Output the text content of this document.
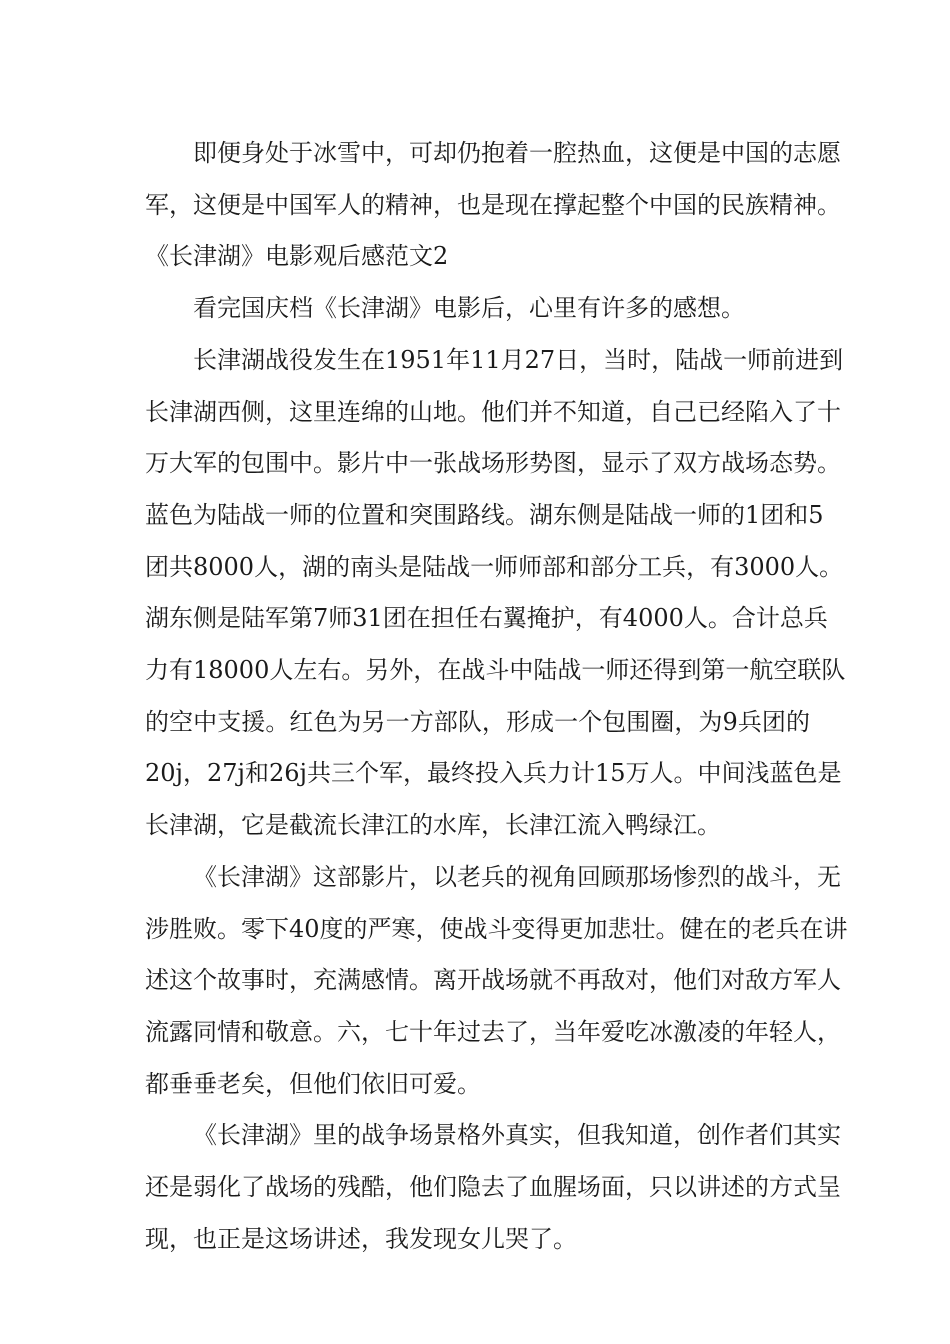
即便身处于冰雪中，可却仍抱着一腔热血，这便是中国的志愿
军，这便是中国军人的精神，也是现在撑起整个中国的民族精神。

《长津湖》电影观后感范文2

看完国庆档《长津湖》电影后，心里有许多的感想。

长津湖战役发生在1951年11月27日，当时，陆战一师前进到
长津湖西侧，这里连绵的山地。他们并不知道，自己已经陷入了十
万大军的包围中。影片中一张战场形势图，显示了双方战场态势。
蓝色为陆战一师的位置和突围路线。湖东侧是陆战一师的1团和5
团共8000人，湖的南头是陆战一师师部和部分工兵，有3000人。
湖东侧是陆军第7师31团在担任右翼掩护，有4000人。合计总兵
力有18000人左右。另外，在战斗中陆战一师还得到第一航空联队
的空中支援。红色为另一方部队，形成一个包围圈，为9兵团的
20j，27j和26j共三个军，最终投入兵力计15万人。中间浅蓝色是
长津湖，它是截流长津江的水库，长津江流入鸭绿江。

《长津湖》这部影片，以老兵的视角回顾那场惨烈的战斗，无
涉胜败。零下40度的严寒，使战斗变得更加悲壮。健在的老兵在讲
述这个故事时，充满感情。离开战场就不再敌对，他们对敌方军人
流露同情和敬意。六，七十年过去了，当年爱吃冰激凌的年轻人，
都垂垂老矣，但他们依旧可爱。

《长津湖》里的战争场景格外真实，但我知道，创作者们其实
还是弱化了战场的残酷，他们隐去了血腥场面，只以讲述的方式呈
现，也正是这场讲述，我发现女儿哭了。
